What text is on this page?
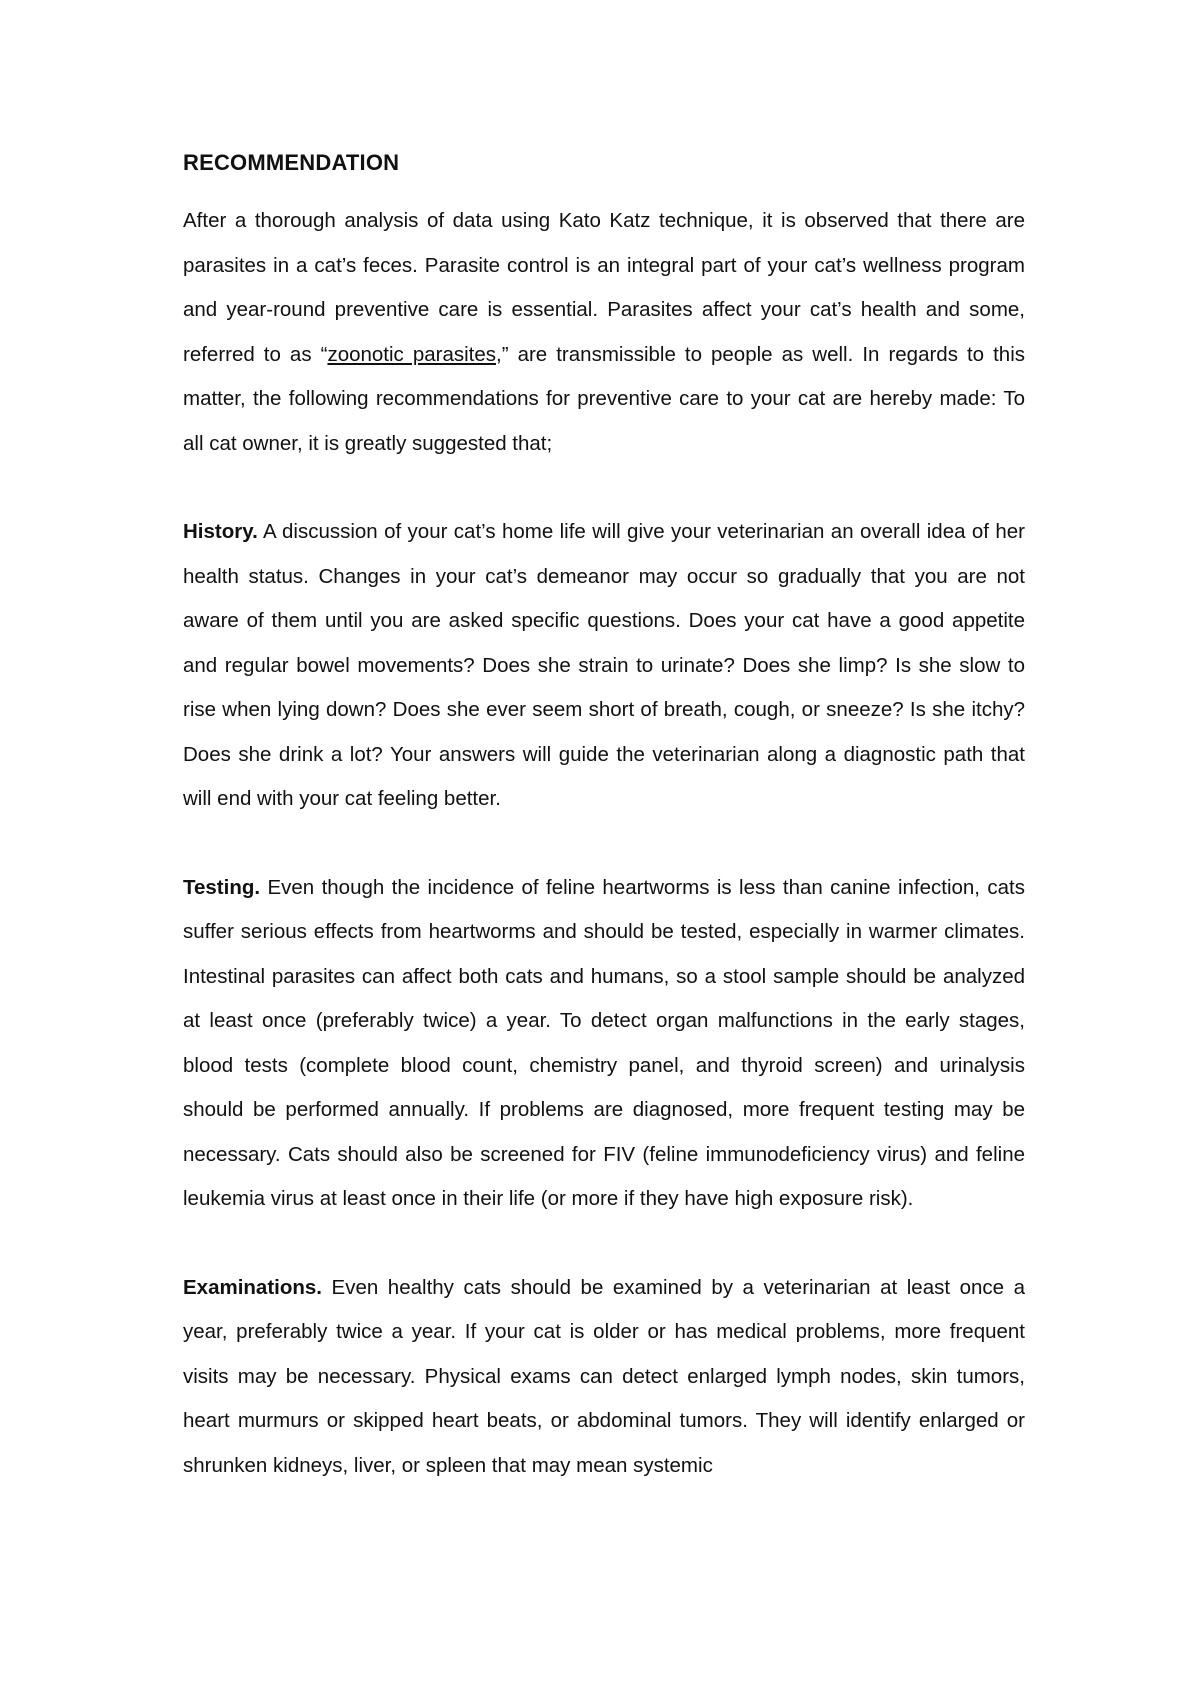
RECOMMENDATION

After a thorough analysis of data using Kato Katz technique, it is observed that there are parasites in a cat’s feces. Parasite control is an integral part of your cat’s wellness program and year-round preventive care is essential. Parasites affect your cat’s health and some, referred to as “zoonotic parasites,” are transmissible to people as well. In regards to this matter, the following recommendations for preventive care to your cat are hereby made: To all cat owner, it is greatly suggested that;

History. A discussion of your cat’s home life will give your veterinarian an overall idea of her health status. Changes in your cat’s demeanor may occur so gradually that you are not aware of them until you are asked specific questions. Does your cat have a good appetite and regular bowel movements? Does she strain to urinate? Does she limp? Is she slow to rise when lying down? Does she ever seem short of breath, cough, or sneeze? Is she itchy? Does she drink a lot? Your answers will guide the veterinarian along a diagnostic path that will end with your cat feeling better.

Testing. Even though the incidence of feline heartworms is less than canine infection, cats suffer serious effects from heartworms and should be tested, especially in warmer climates. Intestinal parasites can affect both cats and humans, so a stool sample should be analyzed at least once (preferably twice) a year. To detect organ malfunctions in the early stages, blood tests (complete blood count, chemistry panel, and thyroid screen) and urinalysis should be performed annually. If problems are diagnosed, more frequent testing may be necessary. Cats should also be screened for FIV (feline immunodeficiency virus) and feline leukemia virus at least once in their life (or more if they have high exposure risk).

Examinations. Even healthy cats should be examined by a veterinarian at least once a year, preferably twice a year. If your cat is older or has medical problems, more frequent visits may be necessary. Physical exams can detect enlarged lymph nodes, skin tumors, heart murmurs or skipped heart beats, or abdominal tumors. They will identify enlarged or shrunken kidneys, liver, or spleen that may mean systemic
